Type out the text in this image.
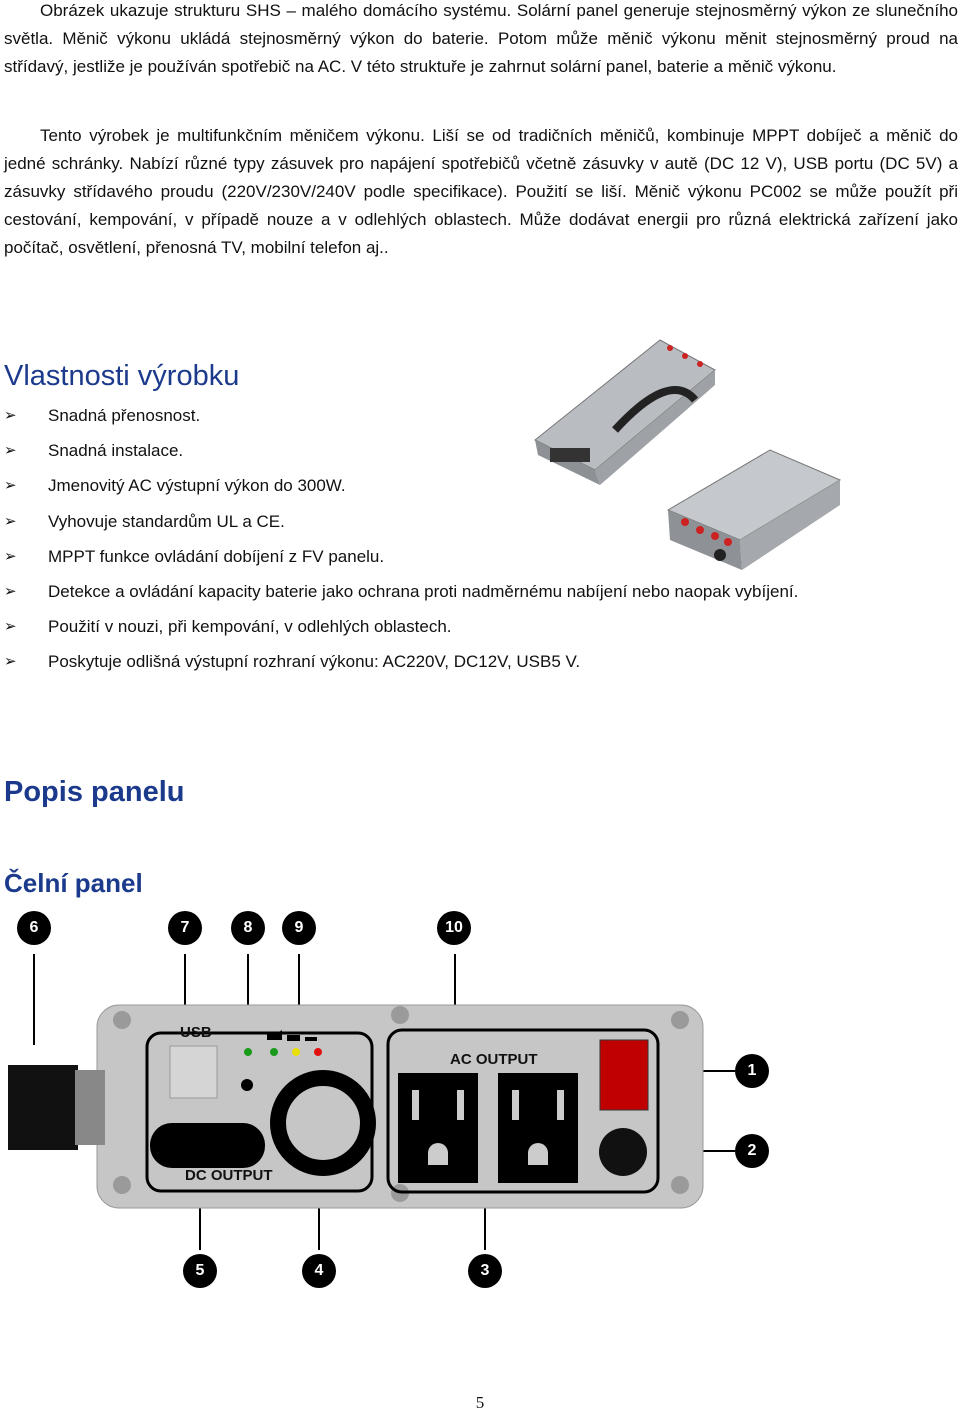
Obrázek ukazuje strukturu SHS – malého domácího systému. Solární panel generuje stejnosměrný výkon ze slunečního světla. Měnič výkonu ukládá stejnosměrný výkon do baterie. Potom může měnič výkonu měnit stejnosměrný proud na střídavý, jestliže je používán spotřebič na AC. V této struktuře je zahrnut solární panel, baterie a měnič výkonu.

Tento výrobek je multifunkčním měničem výkonu. Liší se od tradičních měničů, kombinuje MPPT dobíječ a měnič do jedné schránky. Nabízí různé typy zásuvek pro napájení spotřebičů včetně zásuvky v autě (DC 12 V), USB portu (DC 5V) a zásuvky střídavého proudu (220V/230V/240V podle specifikace). Použití se liší. Měnič výkonu PC002 se může použít při cestování, kempování, v případě nouze a v odlehlých oblastech. Může dodávat energii pro různá elektrická zařízení jako počítač, osvětlení, přenosná TV, mobilní telefon aj..

Vlastnosti výrobku
➢	Snadná přenosnost.
➢	Snadná instalace.
➢	Jmenovitý AC výstupní výkon do 300W.
➢	Vyhovuje standardům UL a CE.
➢	MPPT funkce ovládání dobíjení z FV panelu.
➢	Detekce a ovládání kapacity baterie jako ochrana proti nadměrnému nabíjení nebo naopak vybíjení.
➢	Použití v nouzi, při kempování, v odlehlých oblastech.
➢	Poskytuje odlišná výstupní rozhraní výkonu: AC220V, DC12V, USB5 V.
Popis panelu
Čelní panel
USB
DC OUTPUT
AC OUTPUT
6	7	8	9	10
1
2
5	4	3
5
